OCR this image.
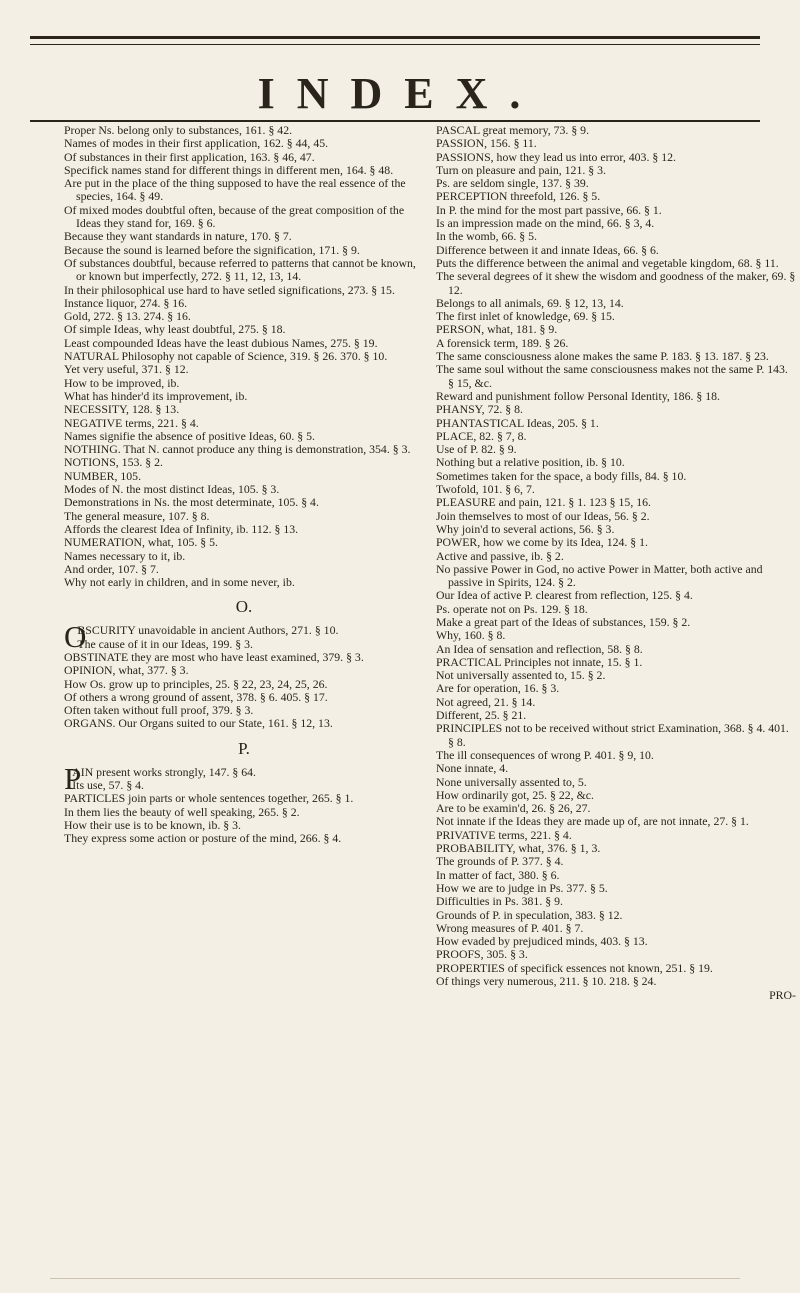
INDEX.

Proper Ns. belong only to substances, 161. § 42.

Names of modes in their first application, 162. § 44, 45.

Of substances in their first application, 163. § 46, 47.

Specifick names stand for different things in different men, 164. § 48.

Are put in the place of the thing supposed to have the real essence of the species, 164. § 49.

Of mixed modes doubtful often, because of the great composition of the Ideas they stand for, 169. § 6.

Because they want standards in nature, 170. § 7.

Because the sound is learned before the signification, 171. § 9.

Of substances doubtful, because referred to patterns that cannot be known, or known but imperfectly, 272. § 11, 12, 13, 14.

In their philosophical use hard to have setled significations, 273. § 15.

Instance liquor, 274. § 16.

Gold, 272. § 13. 274. § 16.

Of simple Ideas, why least doubtful, 275. § 18.

Least compounded Ideas have the least dubious Names, 275. § 19.

NATURAL Philosophy not capable of Science, 319. § 26. 370. § 10.

Yet very useful, 371. § 12.

How to be improved, ib.

What has hinder'd its improvement, ib.

NECESSITY, 128. § 13.

NEGATIVE terms, 221. § 4.

Names signifie the absence of positive Ideas, 60. § 5.

NOTHING. That N. cannot produce any thing is demonstration, 354. § 3.

NOTIONS, 153. § 2.

NUMBER, 105.

Modes of N. the most distinct Ideas, 105. § 3.

Demonstrations in Ns. the most determinate, 105. § 4.

The general measure, 107. § 8.

Affords the clearest Idea of Infinity, ib. 112. § 13.

NUMERATION, what, 105. § 5.

Names necessary to it, ib.

And order, 107. § 7.

Why not early in children, and in some never, ib.

O.

O
BSCURITY unavoidable in ancient Authors, 271. § 10.

The cause of it in our Ideas, 199. § 3.

OBSTINATE they are most who have least examined, 379. § 3.

OPINION, what, 377. § 3.

How Os. grow up to principles, 25. § 22, 23, 24, 25, 26.

Of others a wrong ground of assent, 378. § 6. 405. § 17.

Often taken without full proof, 379. § 3.

ORGANS. Our Organs suited to our State, 161. § 12, 13.

P.

P
AIN present works strongly, 147. § 64.

Its use, 57. § 4.

PARTICLES join parts or whole sentences together, 265. § 1.

In them lies the beauty of well speaking, 265. § 2.

How their use is to be known, ib. § 3.

They express some action or posture of the mind, 266. § 4.

PASCAL great memory, 73. § 9.

PASSION, 156. § 11.

PASSIONS, how they lead us into error, 403. § 12.

Turn on pleasure and pain, 121. § 3.

Ps. are seldom single, 137. § 39.

PERCEPTION threefold, 126. § 5.

In P. the mind for the most part passive, 66. § 1.

Is an impression made on the mind, 66. § 3, 4.

In the womb, 66. § 5.

Difference between it and innate Ideas, 66. § 6.

Puts the difference between the animal and vegetable kingdom, 68. § 11.

The several degrees of it shew the wisdom and goodness of the maker, 69. § 12.

Belongs to all animals, 69. § 12, 13, 14.

The first inlet of knowledge, 69. § 15.

PERSON, what, 181. § 9.

A forensick term, 189. § 26.

The same consciousness alone makes the same P. 183. § 13. 187. § 23.

The same soul without the same consciousness makes not the same P. 143. § 15, &c.

Reward and punishment follow Personal Identity, 186. § 18.

PHANSY, 72. § 8.

PHANTASTICAL Ideas, 205. § 1.

PLACE, 82. § 7, 8.

Use of P. 82. § 9.

Nothing but a relative position, ib. § 10.

Sometimes taken for the space, a body fills, 84. § 10.

Twofold, 101. § 6, 7.

PLEASURE and pain, 121. § 1. 123 § 15, 16.

Join themselves to most of our Ideas, 56. § 2.

Why join'd to several actions, 56. § 3.

POWER, how we come by its Idea, 124. § 1.

Active and passive, ib. § 2.

No passive Power in God, no active Power in Matter, both active and passive in Spirits, 124. § 2.

Our Idea of active P. clearest from reflection, 125. § 4.

Ps. operate not on Ps. 129. § 18.

Make a great part of the Ideas of substances, 159. § 2.

Why, 160. § 8.

An Idea of sensation and reflection, 58. § 8.

PRACTICAL Principles not innate, 15. § 1.

Not universally assented to, 15. § 2.

Are for operation, 16. § 3.

Not agreed, 21. § 14.

Different, 25. § 21.

PRINCIPLES not to be received without strict Examination, 368. § 4. 401. § 8.

The ill consequences of wrong P. 401. § 9, 10.

None innate, 4.

None universally assented to, 5.

How ordinarily got, 25. § 22, &c.

Are to be examin'd, 26. § 26, 27.

Not innate if the Ideas they are made up of, are not innate, 27. § 1.

PRIVATIVE terms, 221. § 4.

PROBABILITY, what, 376. § 1, 3.

The grounds of P. 377. § 4.

In matter of fact, 380. § 6.

How we are to judge in Ps. 377. § 5.

Difficulties in Ps. 381. § 9.

Grounds of P. in speculation, 383. § 12.

Wrong measures of P. 401. § 7.

How evaded by prejudiced minds, 403. § 13.

PROOFS, 305. § 3.

PROPERTIES of specifick essences not known, 251. § 19.

Of things very numerous, 211. § 10. 218. § 24.

PRO-
